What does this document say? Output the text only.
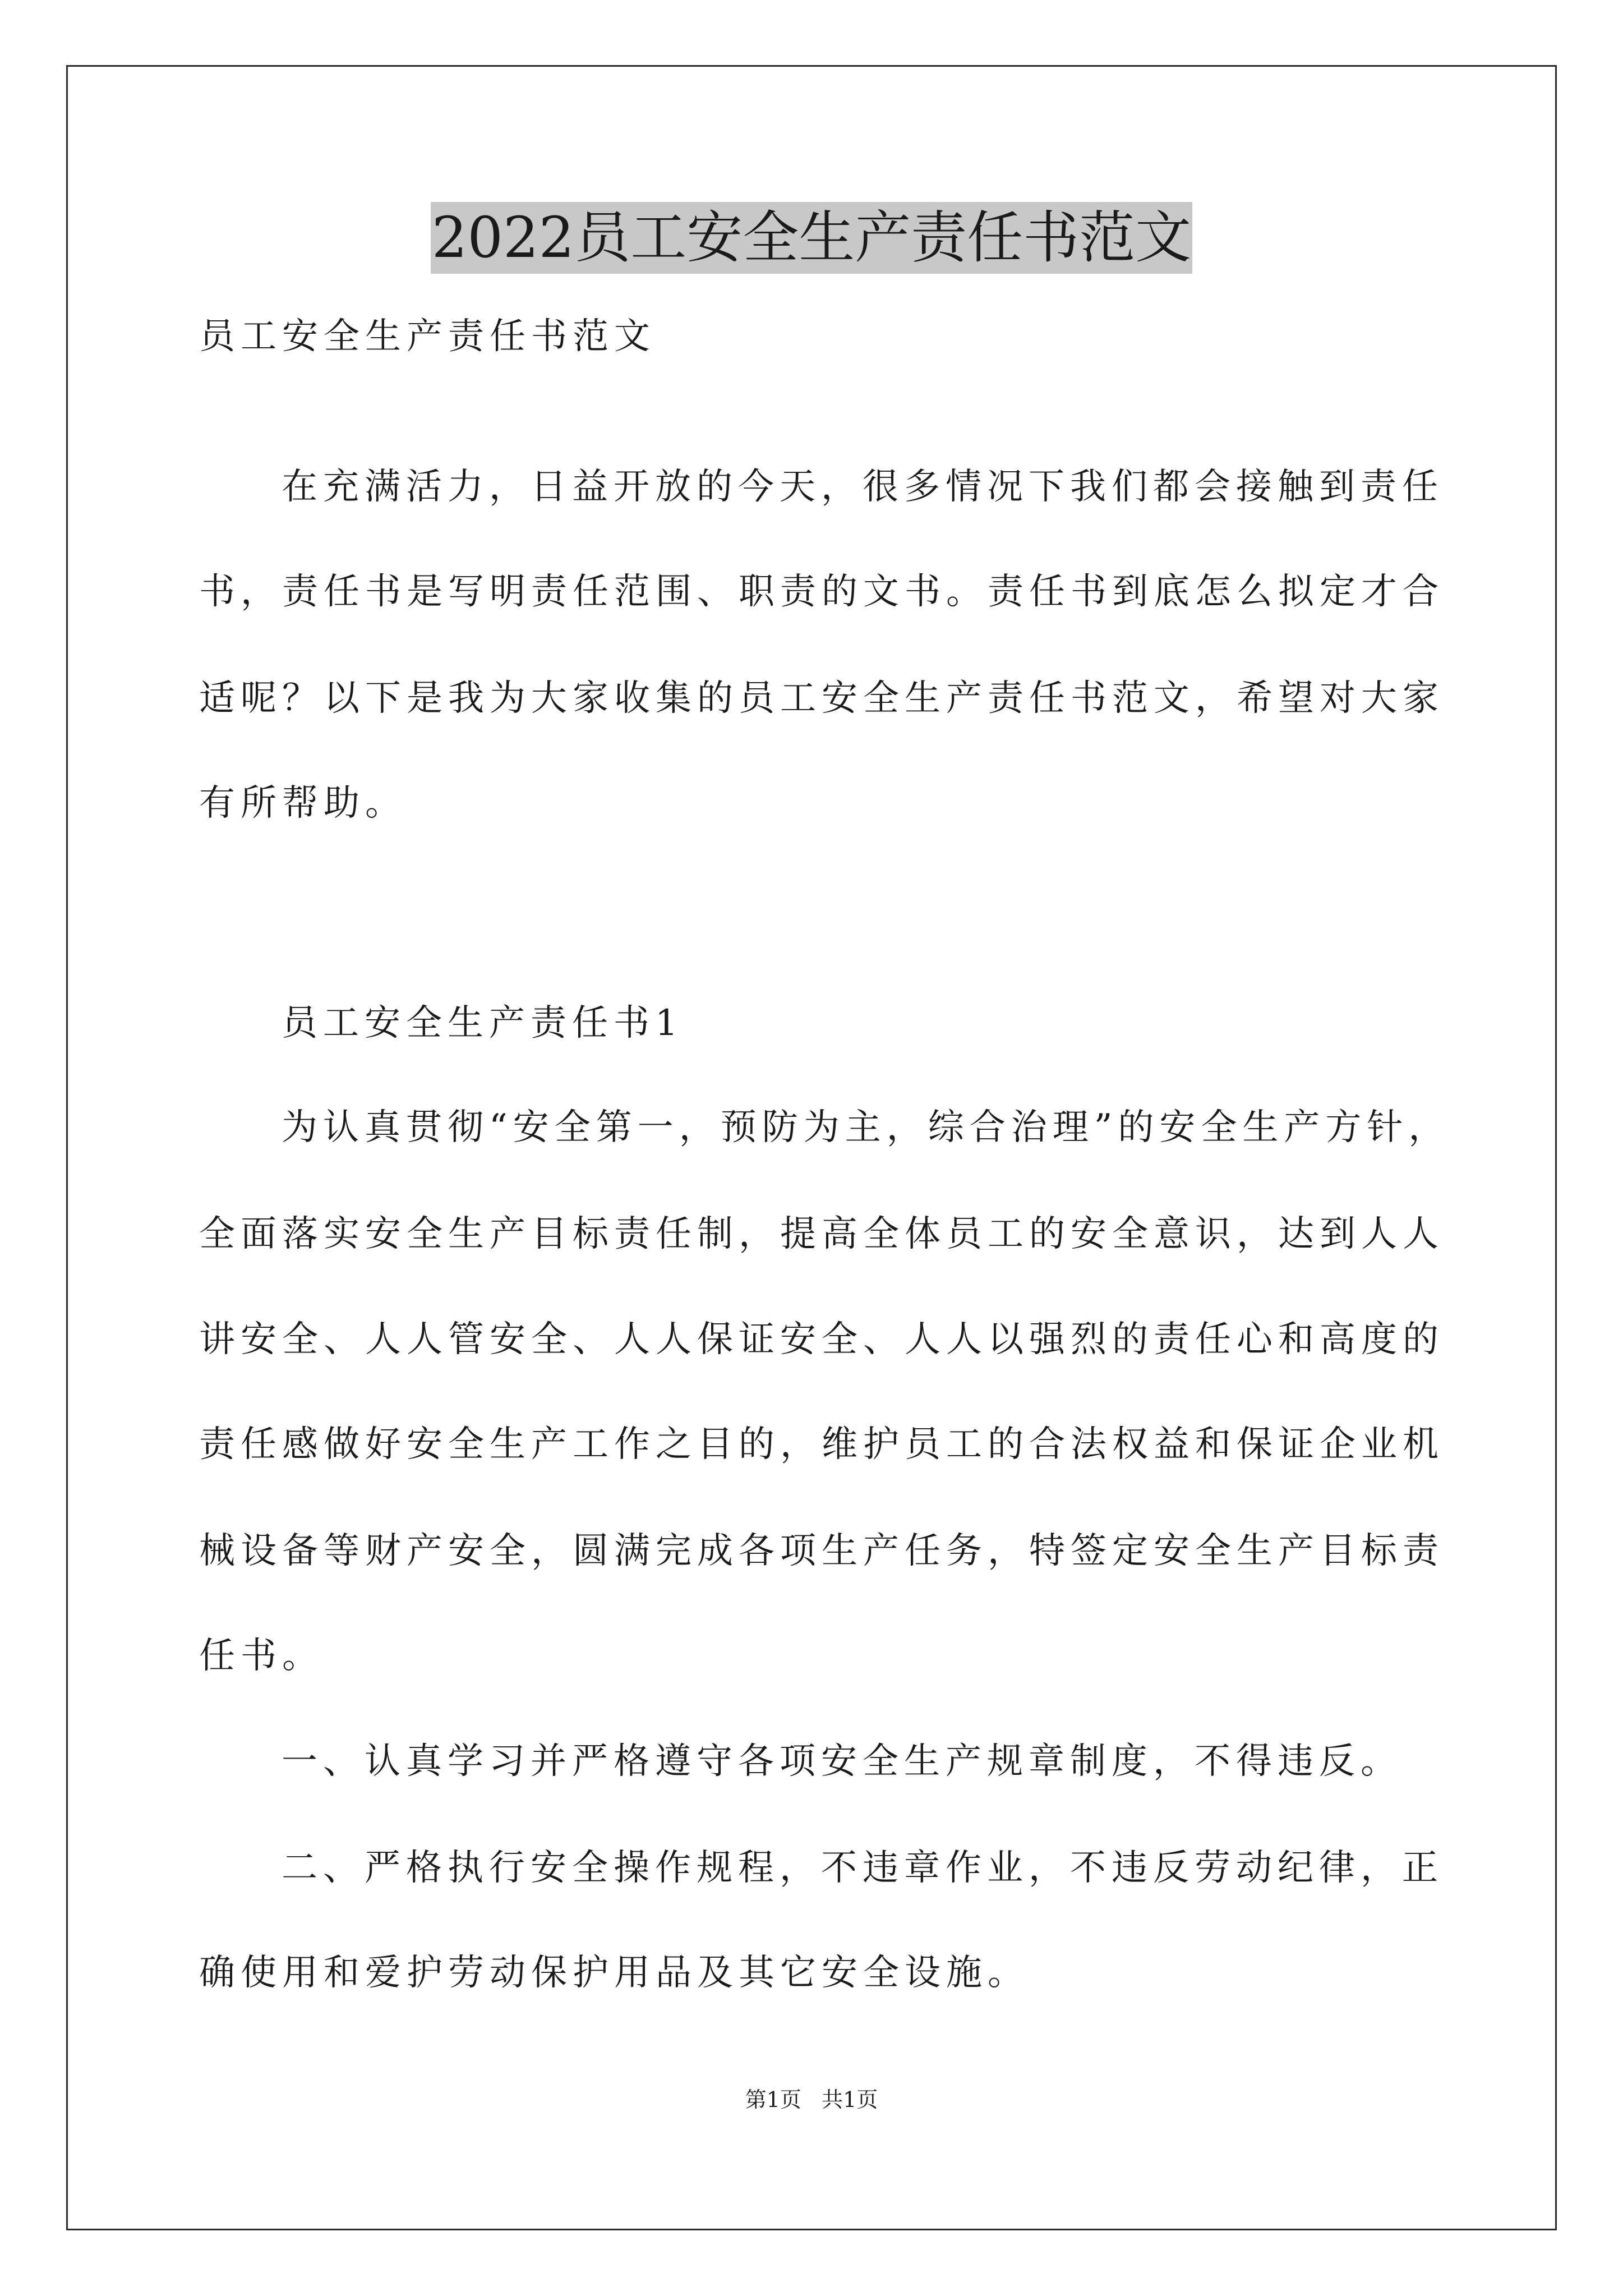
2022员工安全生产责任书范文

员工安全生产责任书范文

在充满活力，日益开放的今天，很多情况下我们都会接触到责任

书，责任书是写明责任范围、职责的文书。责任书到底怎么拟定才合

适呢？以下是我为大家收集的员工安全生产责任书范文，希望对大家

有所帮助。

员工安全生产责任书1

为认真贯彻“安全第一，预防为主，综合治理”的安全生产方针，

全面落实安全生产目标责任制，提高全体员工的安全意识，达到人人

讲安全、人人管安全、人人保证安全、人人以强烈的责任心和高度的

责任感做好安全生产工作之目的，维护员工的合法权益和保证企业机

械设备等财产安全，圆满完成各项生产任务，特签定安全生产目标责

任书。

一、认真学习并严格遵守各项安全生产规章制度，不得违反。

二、严格执行安全操作规程，不违章作业，不违反劳动纪律，正

确使用和爱护劳动保护用品及其它安全设施。

第1页   共1页
